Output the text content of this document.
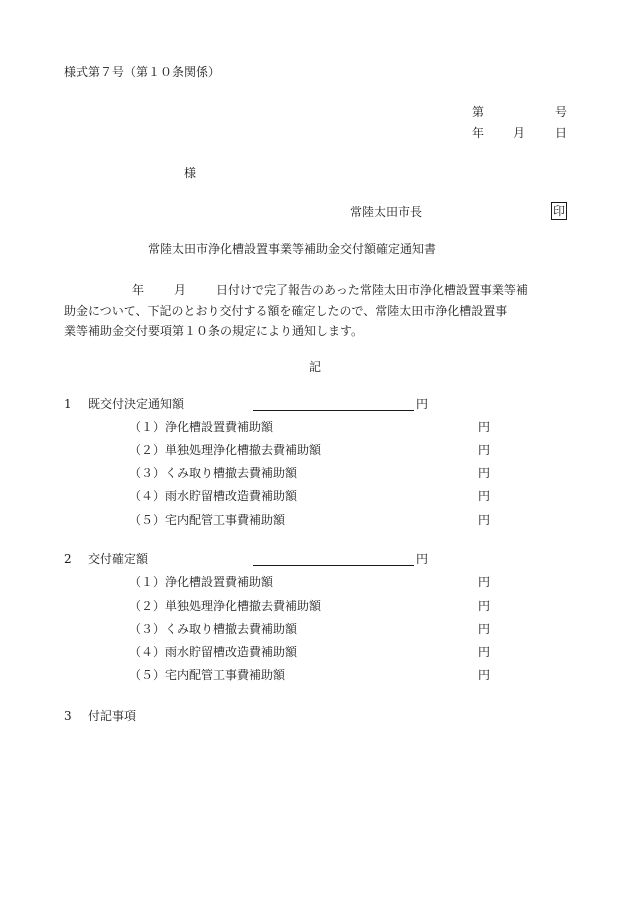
様式第７号（第１０条関係）
第	号
年 月 日
様
常陸太田市長	印
常陸太田市浄化槽設置事業等補助金交付額確定通知書
年	月	日付けで完了報告のあった常陸太田市浄化槽設置事業等補
助金について、下記のとおり交付する額を確定したので、常陸太田市浄化槽設置事
業等補助金交付要項第１０条の規定により通知します。
記
1 既交付決定通知額	円
（１）浄化槽設置費補助額	円
（２）単独処理浄化槽撤去費補助額	円
（３）くみ取り槽撤去費補助額	円
（４）雨水貯留槽改造費補助額	円
（５）宅内配管工事費補助額	円
2 交付確定額	円
（１）浄化槽設置費補助額	円
（２）単独処理浄化槽撤去費補助額	円
（３）くみ取り槽撤去費補助額	円
（４）雨水貯留槽改造費補助額	円
（５）宅内配管工事費補助額	円
3 付記事項
